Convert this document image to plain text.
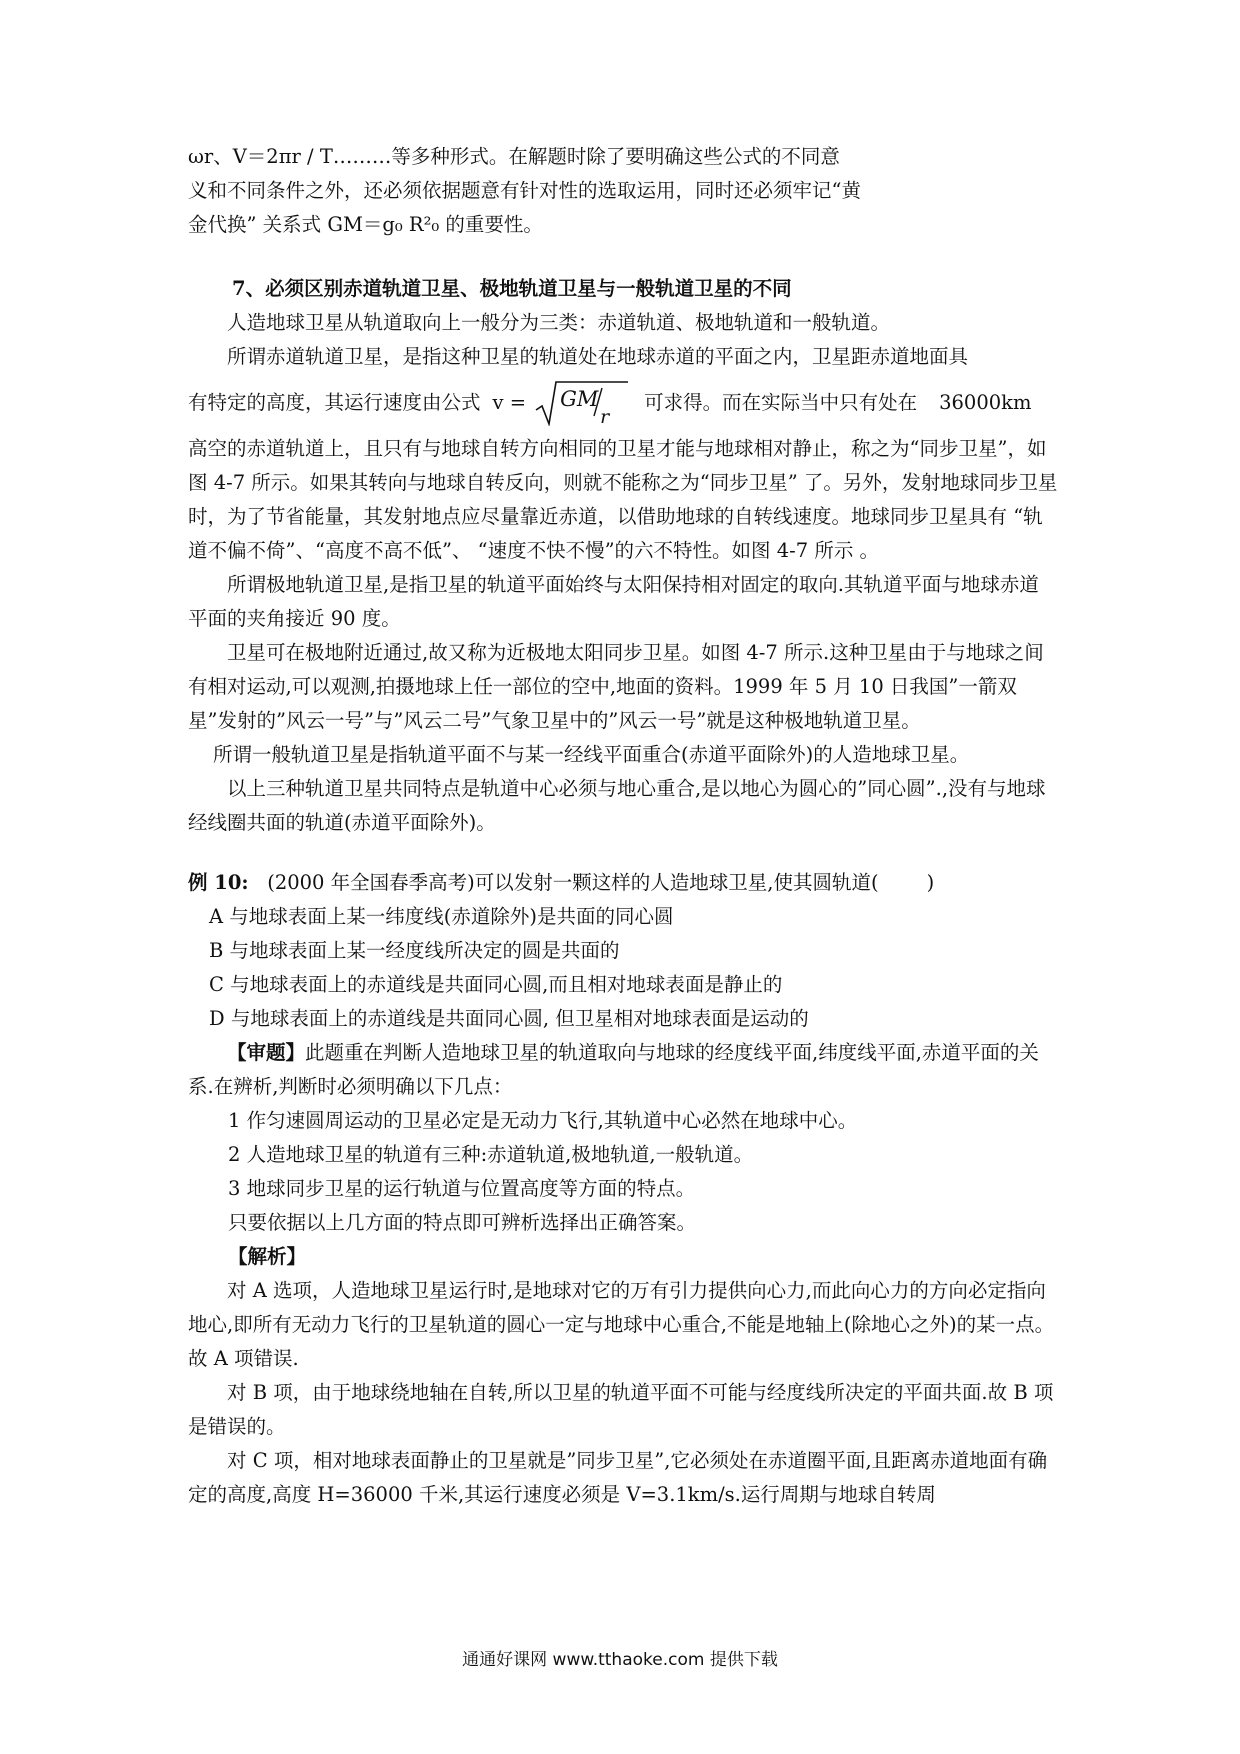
ωr、V＝2πr / T………等多种形式。在解题时除了要明确这些公式的不同意

义和不同条件之外，还必须依据题意有针对性的选取运用，同时还必须牢记“黄

金代换” 关系式 GM＝g₀ R²₀ 的重要性。

7、必须区别赤道轨道卫星、极地轨道卫星与一般轨道卫星的不同

人造地球卫星从轨道取向上一般分为三类：赤道轨道、极地轨道和一般轨道。

所谓赤道轨道卫星，是指这种卫星的轨道处在地球赤道的平面之内，卫星距赤道地面具

有特定的高度，其运行速度由公式 v = GM
r
可求得。而在实际当中只有处在 36000km

高空的赤道轨道上，且只有与地球自转方向相同的卫星才能与地球相对静止，称之为“同步卫星”，如图 4-7 所示。如果其转向与地球自转反向，则就不能称之为“同步卫星” 了。另外，发射地球同步卫星时，为了节省能量，其发射地点应尽量靠近赤道，以借助地球的自转线速度。地球同步卫星具有 “轨道不偏不倚”、“高度不高不低”、 “速度不快不慢”的六不特性。如图 4-7 所示 。

所谓极地轨道卫星,是指卫星的轨道平面始终与太阳保持相对固定的取向.其轨道平面与地球赤道平面的夹角接近 90 度。

卫星可在极地附近通过,故又称为近极地太阳同步卫星。如图 4-7 所示.这种卫星由于与地球之间有相对运动,可以观测,拍摄地球上任一部位的空中,地面的资料。1999 年 5 月 10 日我国”一箭双星”发射的”风云一号”与”风云二号”气象卫星中的”风云一号”就是这种极地轨道卫星。

所谓一般轨道卫星是指轨道平面不与某一经线平面重合(赤道平面除外)的人造地球卫星。

以上三种轨道卫星共同特点是轨道中心必须与地心重合,是以地心为圆心的”同心圆”.,没有与地球经线圈共面的轨道(赤道平面除外)。

例 10: (2000 年全国春季高考)可以发射一颗这样的人造地球卫星,使其圆轨道( )

A 与地球表面上某一纬度线(赤道除外)是共面的同心圆

B 与地球表面上某一经度线所决定的圆是共面的

C 与地球表面上的赤道线是共面同心圆,而且相对地球表面是静止的

D 与地球表面上的赤道线是共面同心圆, 但卫星相对地球表面是运动的

【审题】此题重在判断人造地球卫星的轨道取向与地球的经度线平面,纬度线平面,赤道平面的关系.在辨析,判断时必须明确以下几点：

1 作匀速圆周运动的卫星必定是无动力飞行,其轨道中心必然在地球中心。

2 人造地球卫星的轨道有三种:赤道轨道,极地轨道,一般轨道。

3 地球同步卫星的运行轨道与位置高度等方面的特点。

只要依据以上几方面的特点即可辨析选择出正确答案。

【解析】

对 A 选项，人造地球卫星运行时,是地球对它的万有引力提供向心力,而此向心力的方向必定指向地心,即所有无动力飞行的卫星轨道的圆心一定与地球中心重合,不能是地轴上(除地心之外)的某一点。故 A 项错误.

对 B 项，由于地球绕地轴在自转,所以卫星的轨道平面不可能与经度线所决定的平面共面.故 B 项是错误的。

对 C 项，相对地球表面静止的卫星就是”同步卫星”,它必须处在赤道圈平面,且距离赤道地面有确定的高度,高度 H=36000 千米,其运行速度必须是 V=3.1km/s.运行周期与地球自转周

通通好课网 www.tthaoke.com 提供下载
